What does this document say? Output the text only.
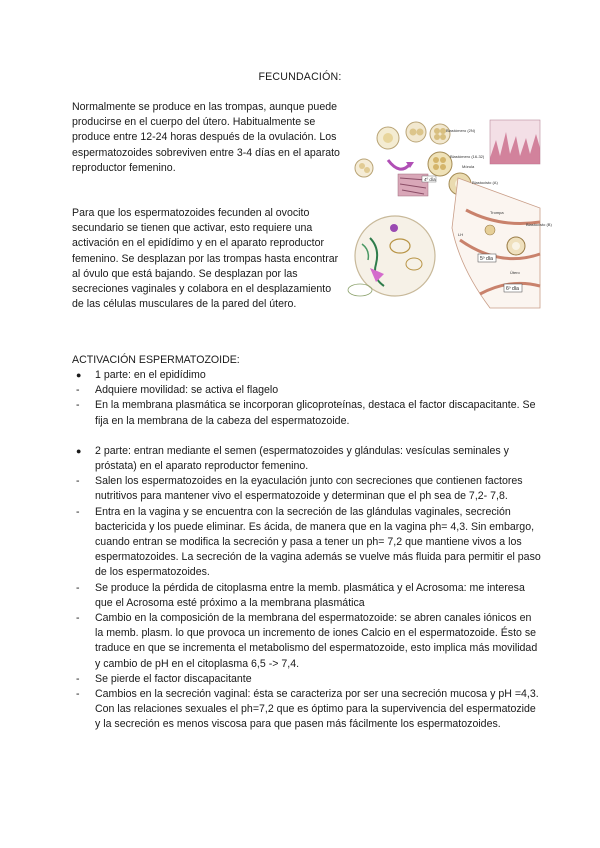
FECUNDACIÓN:
Normalmente se produce en las trompas, aunque puede producirse en el cuerpo del útero. Habitualmente se produce entre 12-24 horas después de la ovulación. Los espermatozoides sobreviven entre 3-4 días en el aparato reproductor femenino.
Para que los espermatozoides fecunden al ovocito secundario se tienen que activar, esto requiere una activación en el epidídimo y en el aparato reproductor femenino. Se desplazan por las trompas hasta encontrar al óvulo que está bajando. Se desplazan por las secreciones vaginales y colabora en el desplazamiento de las células musculares de la pared del útero.
4º día
5º día
6º día
Blastómero (2N)
Blastómero (16-32)
Mórula
Blastocisto (A)
Blastocisto (B)
LH
Trompa
Útero
ACTIVACIÓN ESPERMATOZOIDE:
●	1 parte: en el epidídimo
-	Adquiere movilidad: se activa el flagelo
-	En la membrana plasmática se incorporan glicoproteínas, destaca el factor discapacitante. Se fija en la membrana de la cabeza del espermatozoide.
●	2 parte: entran mediante el semen (espermatozoides y glándulas: vesículas seminales y próstata) en el aparato reproductor femenino.
-	Salen los espermatozoides en la eyaculación junto con secreciones que contienen factores nutritivos para mantener vivo el espermatozoide y determinan que el ph sea de 7,2- 7,8.
-	Entra en la vagina y se encuentra con la secreción de las glándulas vaginales, secreción bactericida y los puede eliminar. Es ácida, de manera que en la vagina ph= 4,3. Sin embargo, cuando entran se modifica la secreción y pasa a tener un ph= 7,2 que mantiene vivos a los espermatozoides. La secreción de la vagina además se vuelve más fluida para permitir el paso de los espermatozoides.
-	Se produce la pérdida de citoplasma entre la memb. plasmática y el Acrosoma: me interesa que el Acrosoma esté próximo a la membrana plasmática
-	Cambio en la composición de la membrana del espermatozoide: se abren canales iónicos en la memb. plasm. lo que provoca un incremento de iones Calcio en el espermatozoide. Ésto se traduce en que se incrementa el metabolismo del espermatozoide, esto implica más movilidad y cambio de pH en el citoplasma 6,5 -> 7,4.
-	Se pierde el factor discapacitante
-	Cambios en la secreción vaginal: ésta se caracteriza por ser una secreción mucosa y pH =4,3. Con las relaciones sexuales el ph=7,2 que es óptimo para la supervivencia del espermatozide y la secreción es menos viscosa para que pasen más fácilmente los espermatozoides.
